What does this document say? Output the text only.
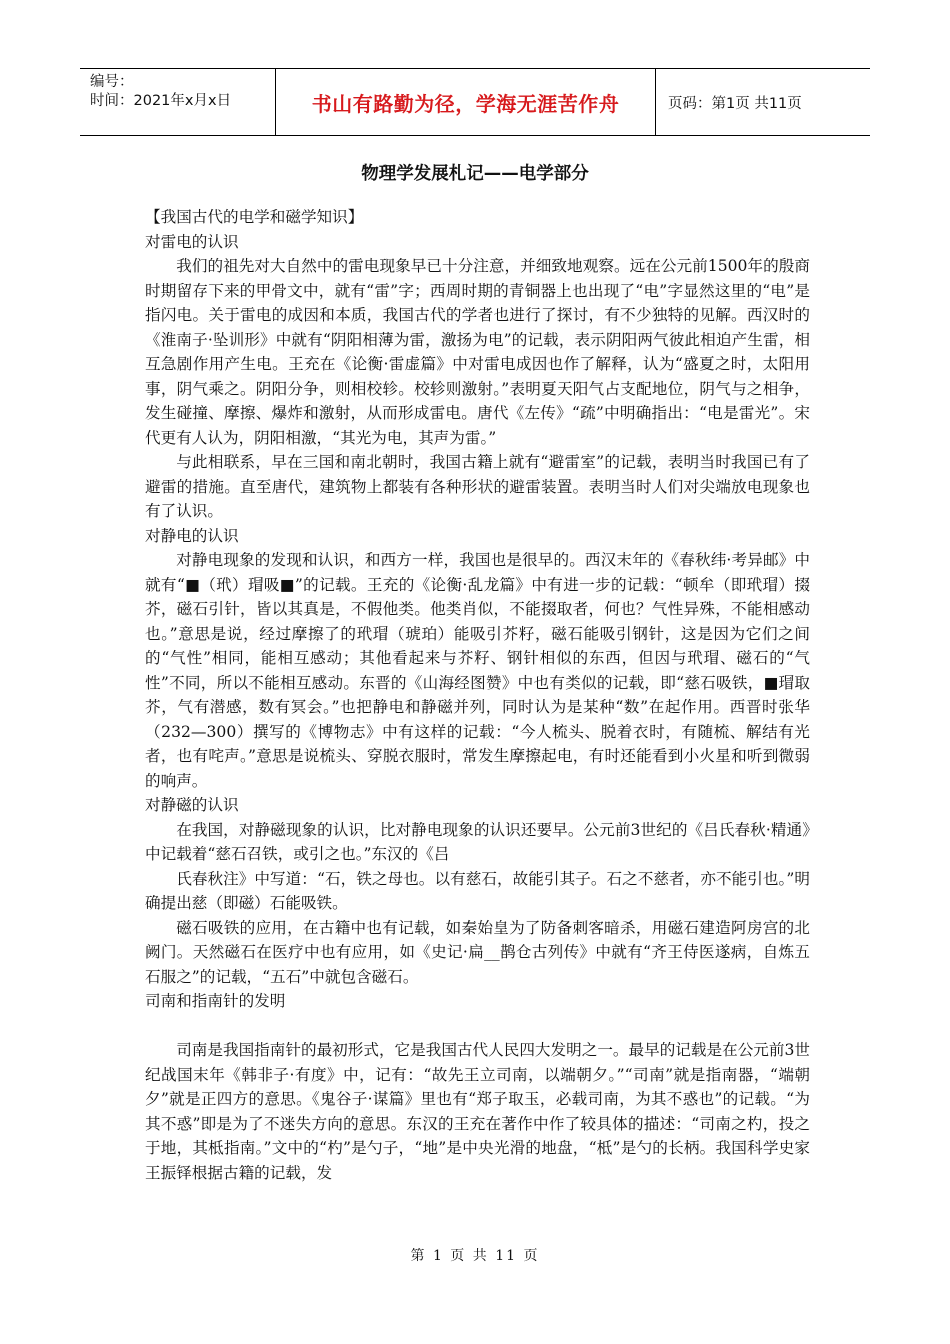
编号：
时间：2021年x月x日	书山有路勤为径，学海无涯苦作舟	页码：第1页 共11页
物理学发展札记——电学部分

【我国古代的电学和磁学知识】

对雷电的认识

我们的祖先对大自然中的雷电现象早已十分注意，并细致地观察。远在公元前1500年的殷商时期留存下来的甲骨文中，就有“雷”字；西周时期的青铜器上也出现了“电”字显然这里的“电”是指闪电。关于雷电的成因和本质，我国古代的学者也进行了探讨，有不少独特的见解。西汉时的《淮南子·坠训形》中就有“阴阳相薄为雷，激扬为电”的记载，表示阴阳两气彼此相迫产生雷，相互急剧作用产生电。王充在《论衡·雷虚篇》中对雷电成因也作了解释，认为“盛夏之时，太阳用事，阴气乘之。阴阳分争，则相校轸。校轸则激射。”表明夏天阳气占支配地位，阴气与之相争，发生碰撞、摩擦、爆炸和激射，从而形成雷电。唐代《左传》“疏”中明确指出：“电是雷光”。宋代更有人认为，阴阳相激，“其光为电，其声为雷。”

与此相联系，早在三国和南北朝时，我国古籍上就有“避雷室”的记载，表明当时我国已有了避雷的措施。直至唐代，建筑物上都装有各种形状的避雷装置。表明当时人们对尖端放电现象也有了认识。

对静电的认识

对静电现象的发现和认识，和西方一样，我国也是很早的。西汉末年的《春秋纬·考异邮》中就有“■（玳）瑁吸■”的记载。王充的《论衡·乱龙篇》中有进一步的记载：“顿牟（即玳瑁）掇芥，磁石引针，皆以其真是，不假他类。他类肖似，不能掇取者，何也？气性异殊，不能相感动也。”意思是说，经过摩擦了的玳瑁（琥珀）能吸引芥籽，磁石能吸引钢针，这是因为它们之间的“气性”相同，能相互感动；其他看起来与芥籽、钢针相似的东西，但因与玳瑁、磁石的“气性”不同，所以不能相互感动。东晋的《山海经图赞》中也有类似的记载，即“慈石吸铁，■瑁取芥，气有潜感，数有冥会。”也把静电和静磁并列，同时认为是某种“数”在起作用。西晋时张华（232—300）撰写的《博物志》中有这样的记载：“今人梳头、脱着衣时，有随梳、解结有光者，也有咤声。”意思是说梳头、穿脱衣服时，常发生摩擦起电，有时还能看到小火星和听到微弱的响声。

对静磁的认识

在我国，对静磁现象的认识，比对静电现象的认识还要早。公元前3世纪的《吕氏春秋·精通》中记载着“慈石召铁，或引之也。”东汉的《吕

氏春秋注》中写道：“石，铁之母也。以有慈石，故能引其子。石之不慈者，亦不能引也。”明确提出慈（即磁）石能吸铁。

磁石吸铁的应用，在古籍中也有记载，如秦始皇为了防备刺客暗杀，用磁石建造阿房宫的北阙门。天然磁石在医疗中也有应用，如《史记·扁__鹊仓古列传》中就有“齐王侍医遂病，自炼五石服之”的记载，“五石”中就包含磁石。

司南和指南针的发明

司南是我国指南针的最初形式，它是我国古代人民四大发明之一。最早的记载是在公元前3世纪战国末年《韩非子·有度》中，记有：“故先王立司南，以端朝夕。”“司南”就是指南器，“端朝夕”就是正四方的意思。《鬼谷子·谋篇》里也有“郑子取玉，必载司南，为其不惑也”的记载。“为其不惑”即是为了不迷失方向的意思。东汉的王充在著作中作了较具体的描述：“司南之杓，投之于地，其柢指南。”文中的“杓”是勺子，“地”是中央光滑的地盘，“柢”是勺的长柄。我国科学史家王振铎根据古籍的记载，发

第 1 页 共 11 页
